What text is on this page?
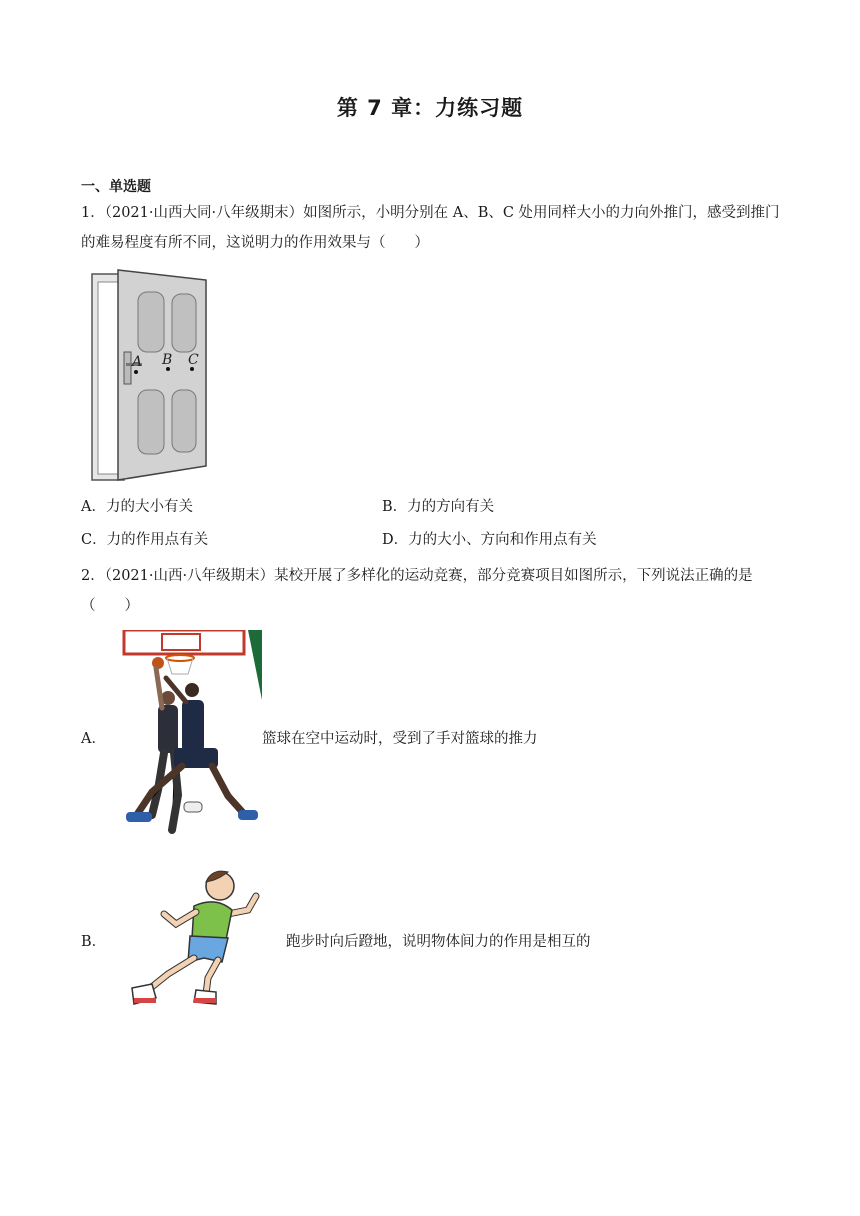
第 7 章：力练习题
一、单选题
1．（2021·山西大同·八年级期末）如图所示，小明分别在 A、B、C 处用同样大小的力向外推门，感受到推门的难易程度有所不同，这说明力的作用效果与（　　）
A B C
A．力的大小有关	B．力的方向有关
C．力的作用点有关	D．力的大小、方向和作用点有关
2．（2021·山西·八年级期末）某校开展了多样化的运动竞赛，部分竞赛项目如图所示，下列说法正确的是（　　）
A．	篮球在空中运动时，受到了手对篮球的推力
B．	跑步时向后蹬地，说明物体间力的作用是相互的
